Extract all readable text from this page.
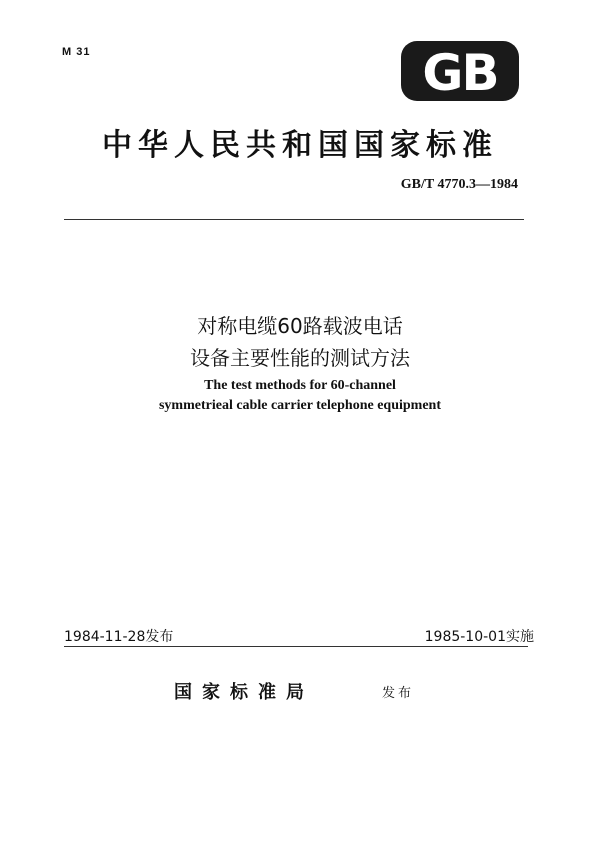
M 31	GB
中华人民共和国国家标准
GB/T 4770.3—1984
对称电缆60路载波电话
设备主要性能的测试方法
The test methods for 60-channel
symmetrieal cable carrier telephone equipment
1984-11-28发布	1985-10-01实施
国家标准局	发布
